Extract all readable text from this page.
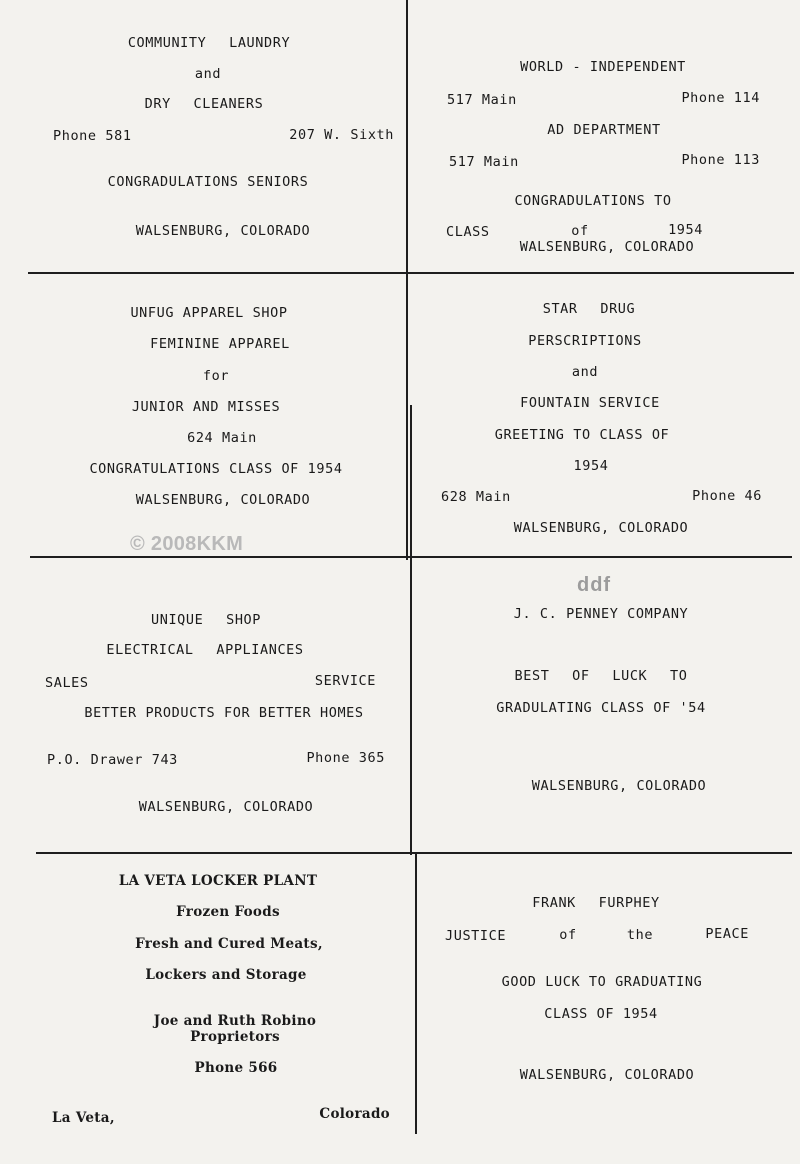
© 2008KKM
ddf
COMMUNITY LAUNDRY
and
DRY CLEANERS
Phone 581	207 W. Sixth
CONGRADULATIONS SENIORS
WALSENBURG, COLORADO
WORLD - INDEPENDENT
517 Main	Phone 114
AD DEPARTMENT
517 Main	Phone 113
CONGRADULATIONS TO
CLASS	of	1954
WALSENBURG, COLORADO
UNFUG APPAREL SHOP
FEMININE APPAREL
for
JUNIOR AND MISSES
624 Main
CONGRATULATIONS CLASS OF 1954
WALSENBURG, COLORADO
STAR DRUG
PERSCRIPTIONS
and
FOUNTAIN SERVICE
GREETING TO CLASS OF
1954
628 Main	Phone 46
WALSENBURG, COLORADO
UNIQUE SHOP
ELECTRICAL APPLIANCES
SALES	SERVICE
BETTER PRODUCTS FOR BETTER HOMES
P.O. Drawer 743	Phone 365
WALSENBURG, COLORADO
J. C. PENNEY COMPANY
BEST OF LUCK TO
GRADULATING CLASS OF '54
WALSENBURG, COLORADO
LA VETA LOCKER PLANT
Frozen Foods
Fresh and Cured Meats,
Lockers and Storage
Joe and Ruth Robino
Proprietors
Phone 566
La Veta,	Colorado
FRANK FURPHEY
JUSTICE	of	the	PEACE
GOOD LUCK TO GRADUATING
CLASS OF 1954
WALSENBURG, COLORADO
